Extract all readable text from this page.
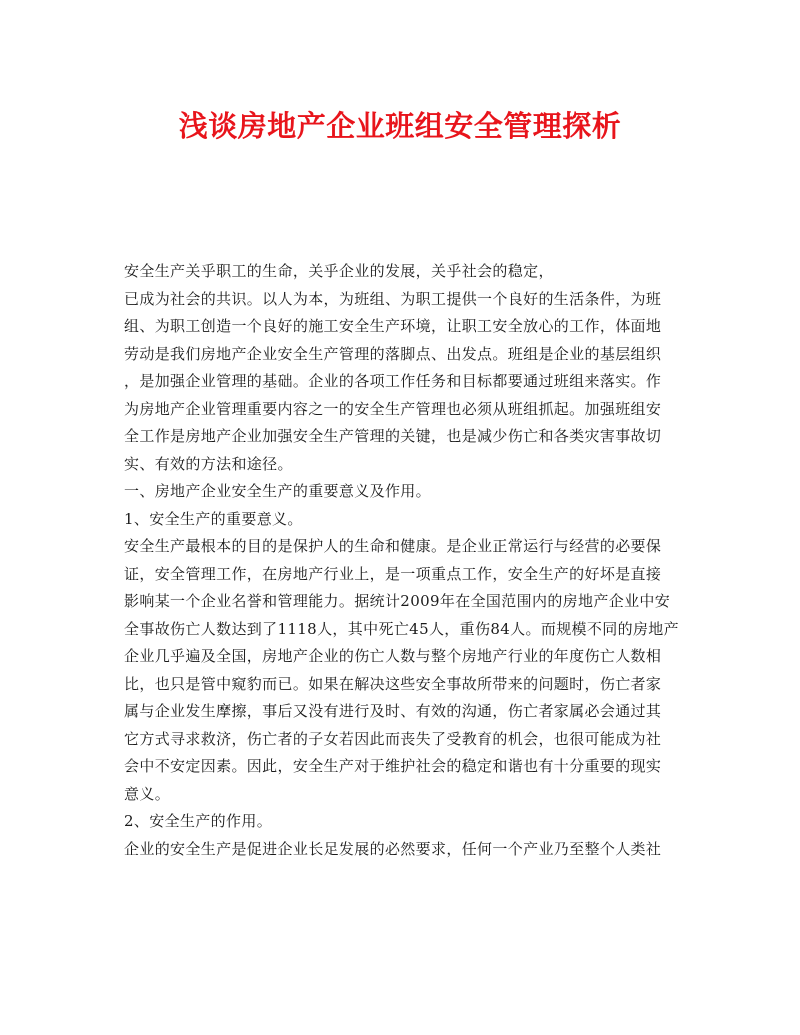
浅谈房地产企业班组安全管理探析
安全生产关乎职工的生命，关乎企业的发展，关乎社会的稳定，
已成为社会的共识。以人为本，为班组、为职工提供一个良好的生活条件，为班
组、为职工创造一个良好的施工安全生产环境，让职工安全放心的工作，体面地
劳动是我们房地产企业安全生产管理的落脚点、出发点。班组是企业的基层组织
，是加强企业管理的基础。企业的各项工作任务和目标都要通过班组来落实。作
为房地产企业管理重要内容之一的安全生产管理也必须从班组抓起。加强班组安
全工作是房地产企业加强安全生产管理的关键，也是减少伤亡和各类灾害事故切
实、有效的方法和途径。
一、房地产企业安全生产的重要意义及作用。
1、安全生产的重要意义。
安全生产最根本的目的是保护人的生命和健康。是企业正常运行与经营的必要保
证，安全管理工作，在房地产行业上，是一项重点工作，安全生产的好坏是直接
影响某一个企业名誉和管理能力。据统计2009年在全国范围内的房地产企业中安
全事故伤亡人数达到了1118人，其中死亡45人，重伤84人。而规模不同的房地产
企业几乎遍及全国，房地产企业的伤亡人数与整个房地产行业的年度伤亡人数相
比，也只是管中窥豹而已。如果在解决这些安全事故所带来的问题时，伤亡者家
属与企业发生摩擦，事后又没有进行及时、有效的沟通，伤亡者家属必会通过其
它方式寻求救济，伤亡者的子女若因此而丧失了受教育的机会，也很可能成为社
会中不安定因素。因此，安全生产对于维护社会的稳定和谐也有十分重要的现实
意义。
2、安全生产的作用。
企业的安全生产是促进企业长足发展的必然要求，任何一个产业乃至整个人类社
